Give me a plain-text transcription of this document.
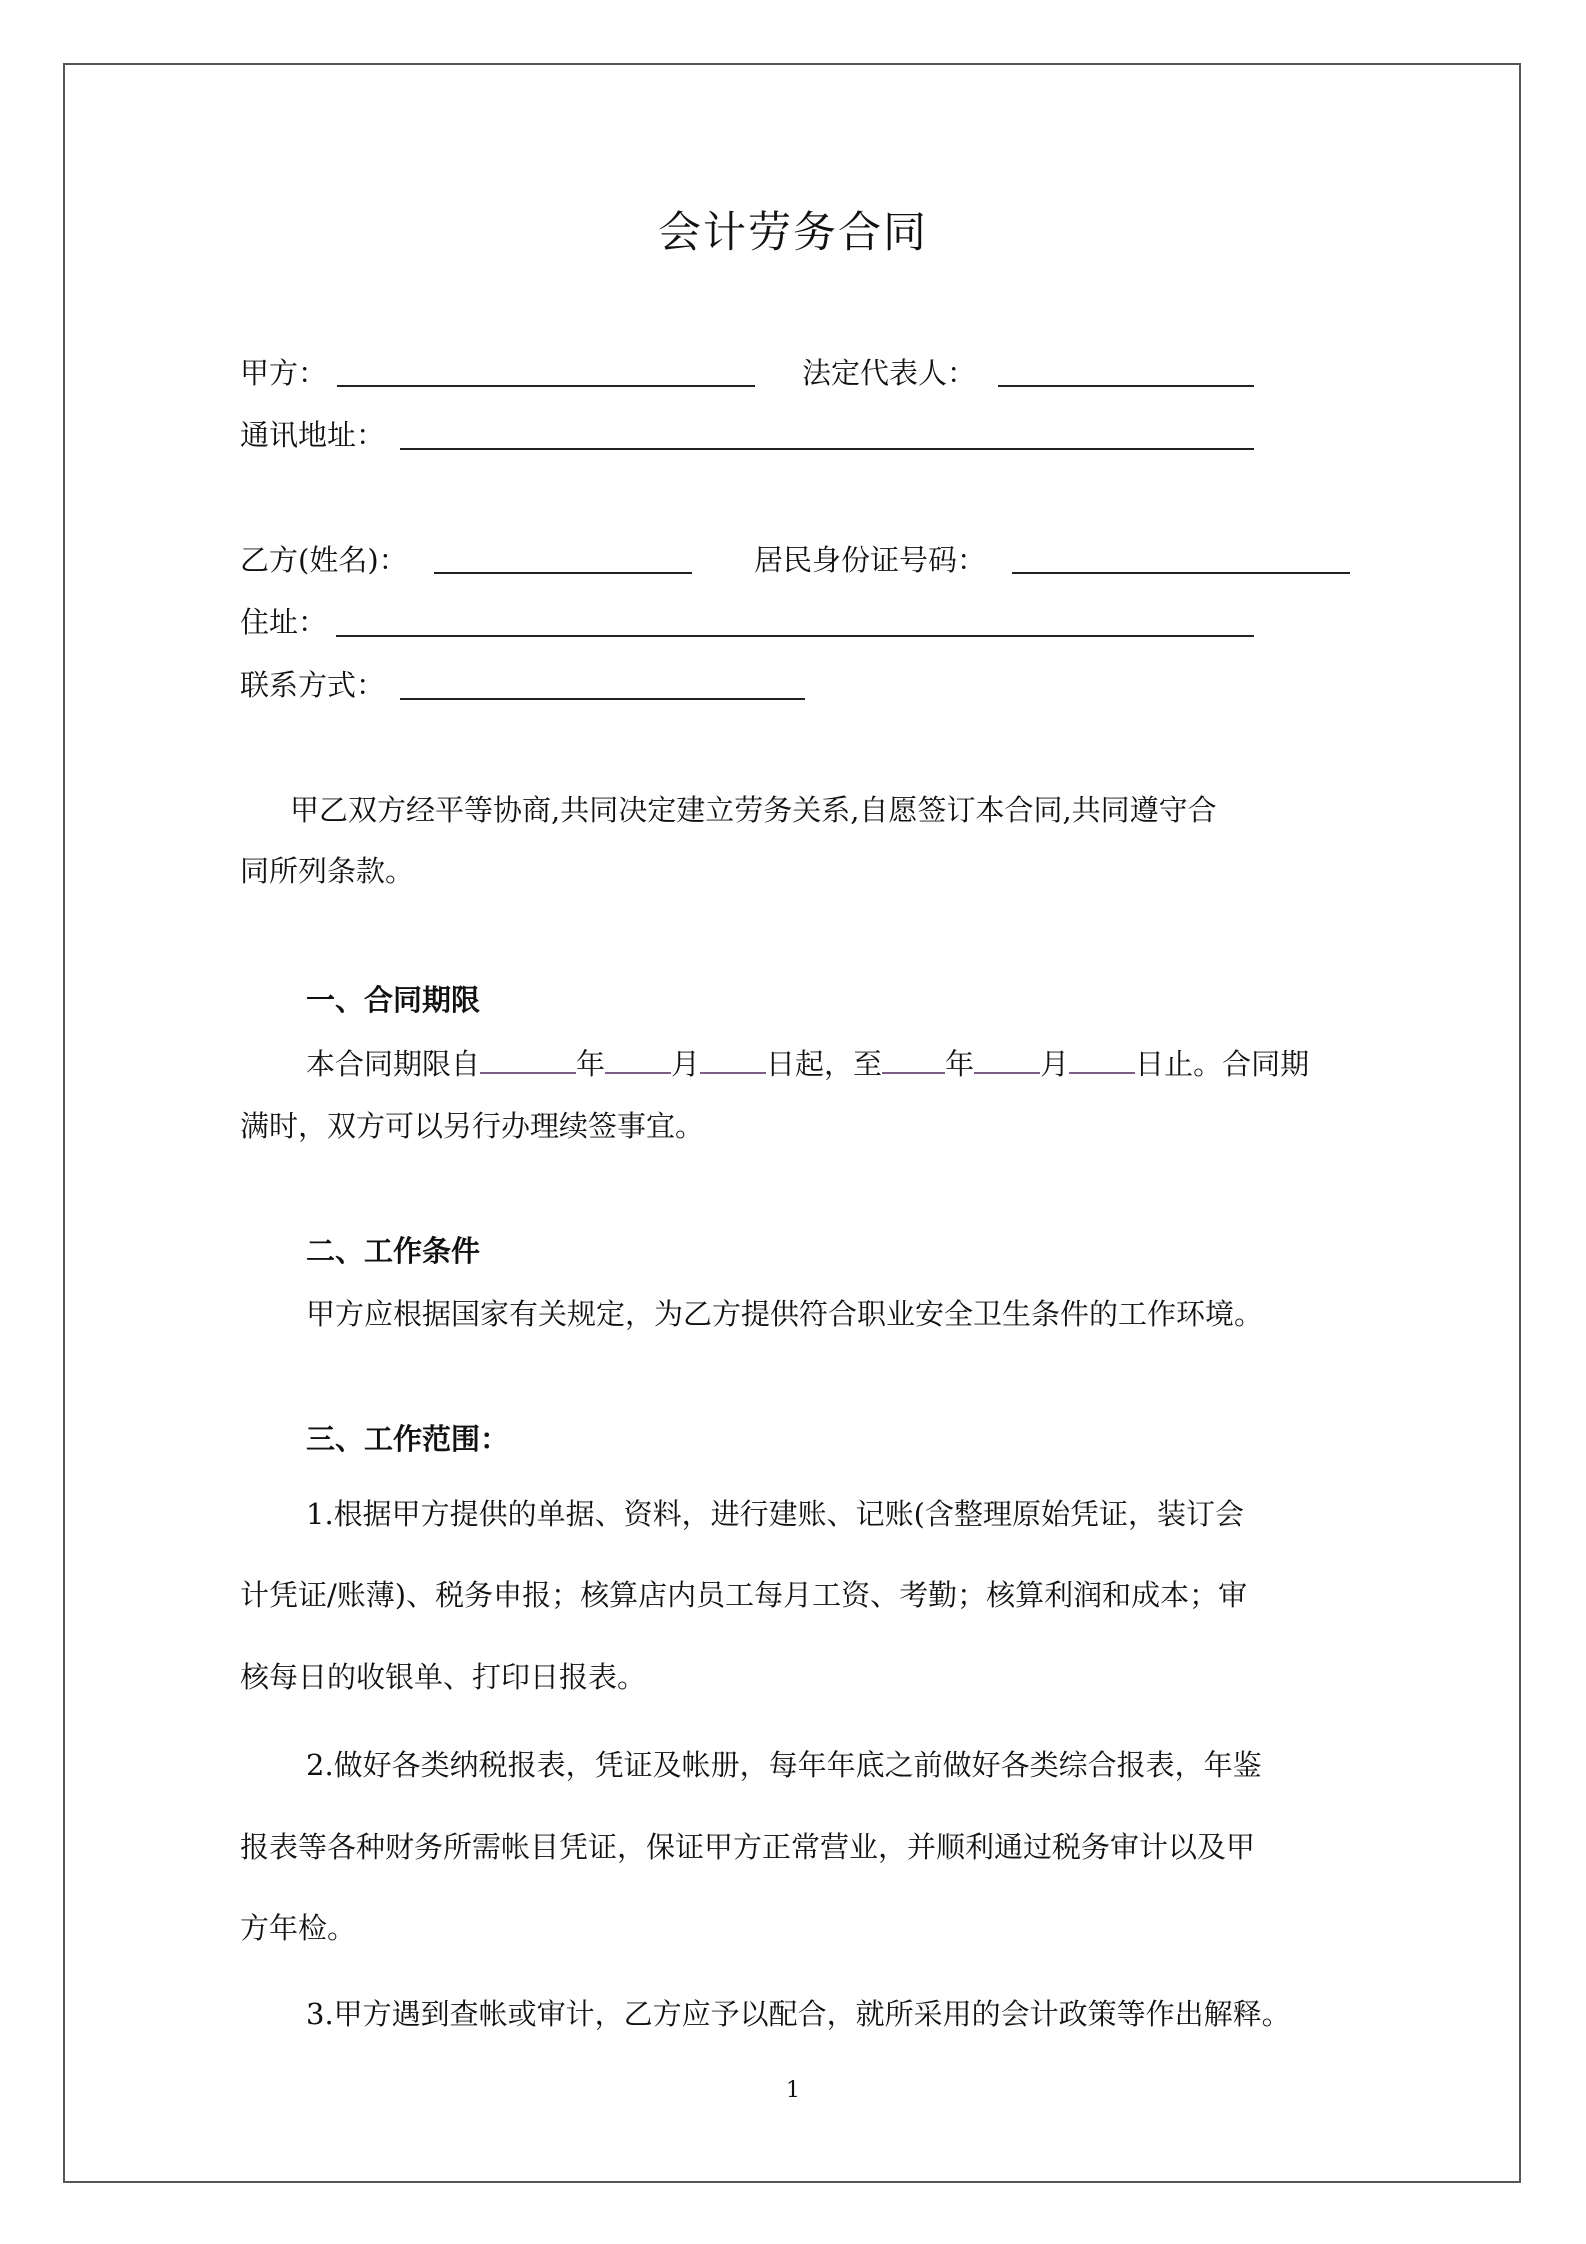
会计劳务合同
甲方：	法定代表人：
通讯地址：
乙方(姓名)：	居民身份证号码：
住址：
联系方式：
甲乙双方经平等协商,共同决定建立劳务关系,自愿签订本合同,共同遵守合
同所列条款。
一、合同期限
本合同期限自	年 月 日起，至 年 月 日止。合同期
满时，双方可以另行办理续签事宜。
二、工作条件
甲方应根据国家有关规定，为乙方提供符合职业安全卫生条件的工作环境。
三、工作范围：
1.根据甲方提供的单据、资料，进行建账、记账(含整理原始凭证，装订会
计凭证/账薄)、税务申报；核算店内员工每月工资、考勤；核算利润和成本；审
核每日的收银单、打印日报表。
2.做好各类纳税报表，凭证及帐册，每年年底之前做好各类综合报表，年鉴
报表等各种财务所需帐目凭证，保证甲方正常营业，并顺利通过税务审计以及甲
方年检。
3.甲方遇到查帐或审计，乙方应予以配合，就所采用的会计政策等作出解释。
1
